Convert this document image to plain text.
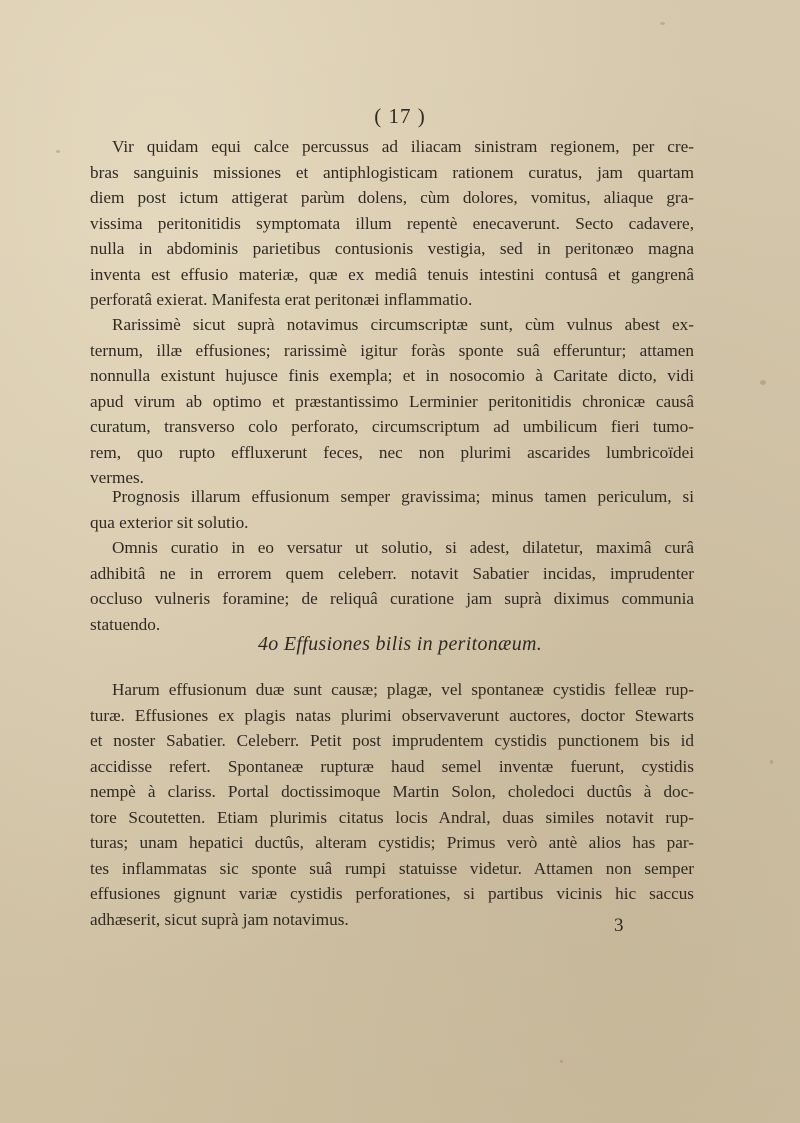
( 17 )
Vir quidam equi calce percussus ad iliacam sinistram regionem, per cre-
bras sanguinis missiones et antiphlogisticam rationem curatus, jam quartam
diem post ictum attigerat parùm dolens, cùm dolores, vomitus, aliaque gra-
vissima peritonitidis symptomata illum repentè enecaverunt. Secto cadavere,
nulla in abdominis parietibus contusionis vestigia, sed in peritonæo magna
inventa est effusio materiæ, quæ ex mediâ tenuis intestini contusâ et gangrenâ
perforatâ exierat. Manifesta erat peritonæi inflammatio.
Rarissimè sicut suprà notavimus circumscriptæ sunt, cùm vulnus abest ex-
ternum, illæ effusiones; rarissimè igitur foràs sponte suâ efferuntur; attamen
nonnulla existunt hujusce finis exempla; et in nosocomio à Caritate dicto, vidi
apud virum ab optimo et præstantissimo Lerminier peritonitidis chronicæ causâ
curatum, transverso colo perforato, circumscriptum ad umbilicum fieri tumo-
rem, quo rupto effluxerunt feces, nec non plurimi ascarides lumbricoïdei
vermes.
Prognosis illarum effusionum semper gravissima; minus tamen periculum, si
qua exterior sit solutio.
Omnis curatio in eo versatur ut solutio, si adest, dilatetur, maximâ curâ
adhibitâ ne in errorem quem celeberr. notavit Sabatier incidas, imprudenter
occluso vulneris foramine; de reliquâ curatione jam suprà diximus communia
statuendo.
4o Effusiones bilis in peritonæum.
Harum effusionum duæ sunt causæ; plagæ, vel spontaneæ cystidis felleæ rup-
turæ. Effusiones ex plagis natas plurimi observaverunt auctores, doctor Stewarts
et noster Sabatier. Celeberr. Petit post imprudentem cystidis punctionem bis id
accidisse refert. Spontaneæ rupturæ haud semel inventæ fuerunt, cystidis
nempè à clariss. Portal doctissimoque Martin Solon, choledoci ductûs à doc-
tore Scoutetten. Etiam plurimis citatus locis Andral, duas similes notavit rup-
turas; unam hepatici ductûs, alteram cystidis; Primus verò antè alios has par-
tes inflammatas sic sponte suâ rumpi statuisse videtur. Attamen non semper
effusiones gignunt variæ cystidis perforationes, si partibus vicinis hic saccus
adhæserit, sicut suprà jam notavimus.	3
